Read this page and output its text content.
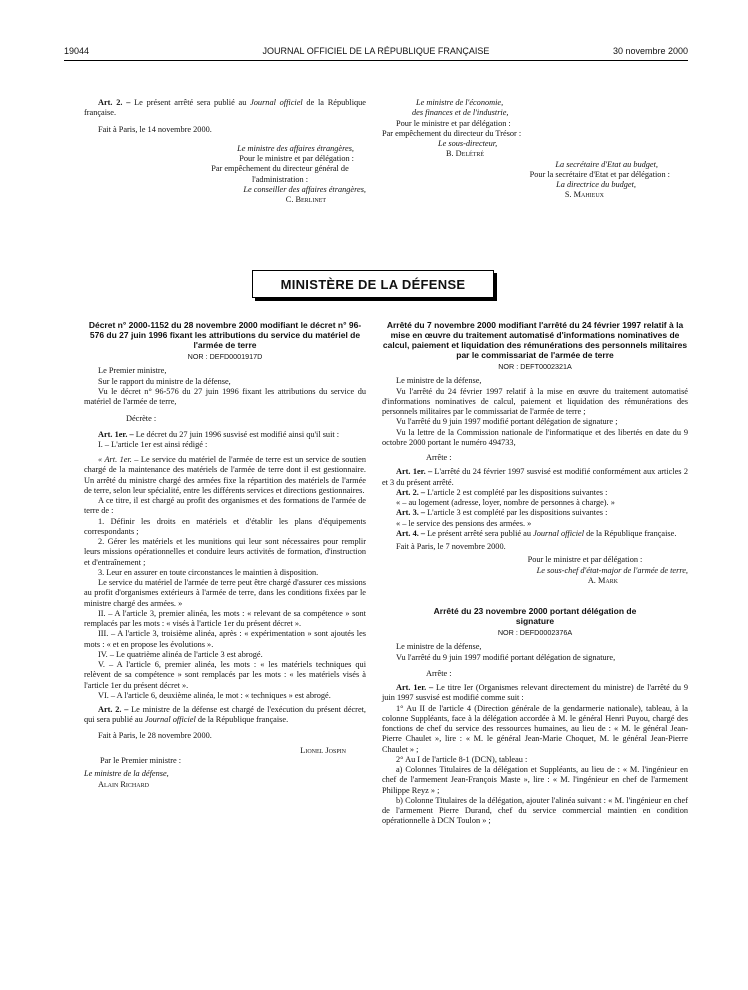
19044	JOURNAL OFFICIEL DE LA RÉPUBLIQUE FRANÇAISE	30 novembre 2000

Art. 2. – Le présent arrêté sera publié au Journal officiel de la République française.

Fait à Paris, le 14 novembre 2000.

Le ministre des affaires étrangères,

Pour le ministre et par délégation :

Par empêchement du directeur général de l'administration :

Le conseiller des affaires étrangères,

C. Berlinet

Le ministre de l'économie,

des finances et de l'industrie,

Pour le ministre et par délégation :

Par empêchement du directeur du Trésor :

Le sous-directeur,

B. Delétré

La secrétaire d'Etat au budget,

Pour la secrétaire d'Etat et par délégation :

La directrice du budget,

S. Mahieux

MINISTÈRE DE LA DÉFENSE

Décret n° 2000-1152 du 28 novembre 2000 modifiant le décret n° 96-576 du 27 juin 1996 fixant les attributions du service du matériel de l'armée de terre

NOR : DEFD0001917D

Le Premier ministre,

Sur le rapport du ministre de la défense,

Vu le décret n° 96-576 du 27 juin 1996 fixant les attributions du service du matériel de l'armée de terre,

Décrète :

Art. 1er. – Le décret du 27 juin 1996 susvisé est modifié ainsi qu'il suit :

I. – L'article 1er est ainsi rédigé :

« Art. 1er. – Le service du matériel de l'armée de terre est un service de soutien chargé de la maintenance des matériels de l'armée de terre dont il est gestionnaire. Un arrêté du ministre chargé des armées fixe la répartition des matériels de l'armée de terre, selon leur spécialité, entre les différents services et directions gestionnaires.

A ce titre, il est chargé au profit des organismes et des formations de l'armée de terre de :

1. Définir les droits en matériels et d'établir les plans d'équipements correspondants ;

2. Gérer les matériels et les munitions qui leur sont nécessaires pour remplir leurs missions opérationnelles et conduire leurs activités de formation, d'instruction et d'entraînement ;

3. Leur en assurer en toute circonstances le maintien à disposition.

Le service du matériel de l'armée de terre peut être chargé d'assurer ces missions au profit d'organismes extérieurs à l'armée de terre, dans les conditions fixées par le ministre chargé des armées. »

II. – A l'article 3, premier alinéa, les mots : « relevant de sa compétence » sont remplacés par les mots : « visés à l'article 1er du présent décret ».

III. – A l'article 3, troisième alinéa, après : « expérimentation » sont ajoutés les mots : « et en propose les évolutions ».

IV. – Le quatrième alinéa de l'article 3 est abrogé.

V. – A l'article 6, premier alinéa, les mots : « les matériels techniques qui relèvent de sa compétence » sont remplacés par les mots : « les matériels visés à l'article 1er du présent décret ».

VI. – A l'article 6, deuxième alinéa, le mot : « techniques » est abrogé.

Art. 2. – Le ministre de la défense est chargé de l'exécution du présent décret, qui sera publié au Journal officiel de la République française.

Fait à Paris, le 28 novembre 2000.

Lionel Jospin

Par le Premier ministre :

Le ministre de la défense,

Alain Richard

Arrêté du 7 novembre 2000 modifiant l'arrêté du 24 février 1997 relatif à la mise en œuvre du traitement automatisé d'informations nominatives de calcul, paiement et liquidation des rémunérations des personnels militaires par le commissariat de l'armée de terre

NOR : DEFT0002321A

Le ministre de la défense,

Vu l'arrêté du 24 février 1997 relatif à la mise en œuvre du traitement automatisé d'informations nominatives de calcul, paiement et liquidation des rémunérations des personnels militaires par le commissariat de l'armée de terre ;

Vu l'arrêté du 9 juin 1997 modifié portant délégation de signature ;

Vu la lettre de la Commission nationale de l'informatique et des libertés en date du 9 octobre 2000 portant le numéro 494733,

Arrête :

Art. 1er. – L'arrêté du 24 février 1997 susvisé est modifié conformément aux articles 2 et 3 du présent arrêté.

Art. 2. – L'article 2 est complété par les dispositions suivantes :

« – au logement (adresse, loyer, nombre de personnes à charge). »

Art. 3. – L'article 3 est complété par les dispositions suivantes :

« – le service des pensions des armées. »

Art. 4. – Le présent arrêté sera publié au Journal officiel de la République française.

Fait à Paris, le 7 novembre 2000.

Pour le ministre et par délégation :

Le sous-chef d'état-major de l'armée de terre,

A. Mark

Arrêté du 23 novembre 2000 portant délégation de signature

NOR : DEFD0002376A

Le ministre de la défense,

Vu l'arrêté du 9 juin 1997 modifié portant délégation de signature,

Arrête :

Art. 1er. – Le titre Ier (Organismes relevant directement du ministre) de l'arrêté du 9 juin 1997 susvisé est modifié comme suit :

1° Au II de l'article 4 (Direction générale de la gendarmerie nationale), tableau, à la colonne Suppléants, face à la délégation accordée à M. le général Henri Puyou, chargé des fonctions de chef du service des ressources humaines, au lieu de : « M. le général Jean-Pierre Chaulet », lire : « M. le général Jean-Marie Choquet, M. le général Jean-Pierre Chaulet » ;

2° Au I de l'article 8-1 (DCN), tableau :

a) Colonnes Titulaires de la délégation et Suppléants, au lieu de : « M. l'ingénieur en chef de l'armement Jean-François Maste », lire : « M. l'ingénieur en chef de l'armement Philippe Reyz » ;

b) Colonne Titulaires de la délégation, ajouter l'alinéa suivant : « M. l'ingénieur en chef de l'armement Pierre Durand, chef du service commercial maintien en condition opérationnelle à DCN Toulon » ;
